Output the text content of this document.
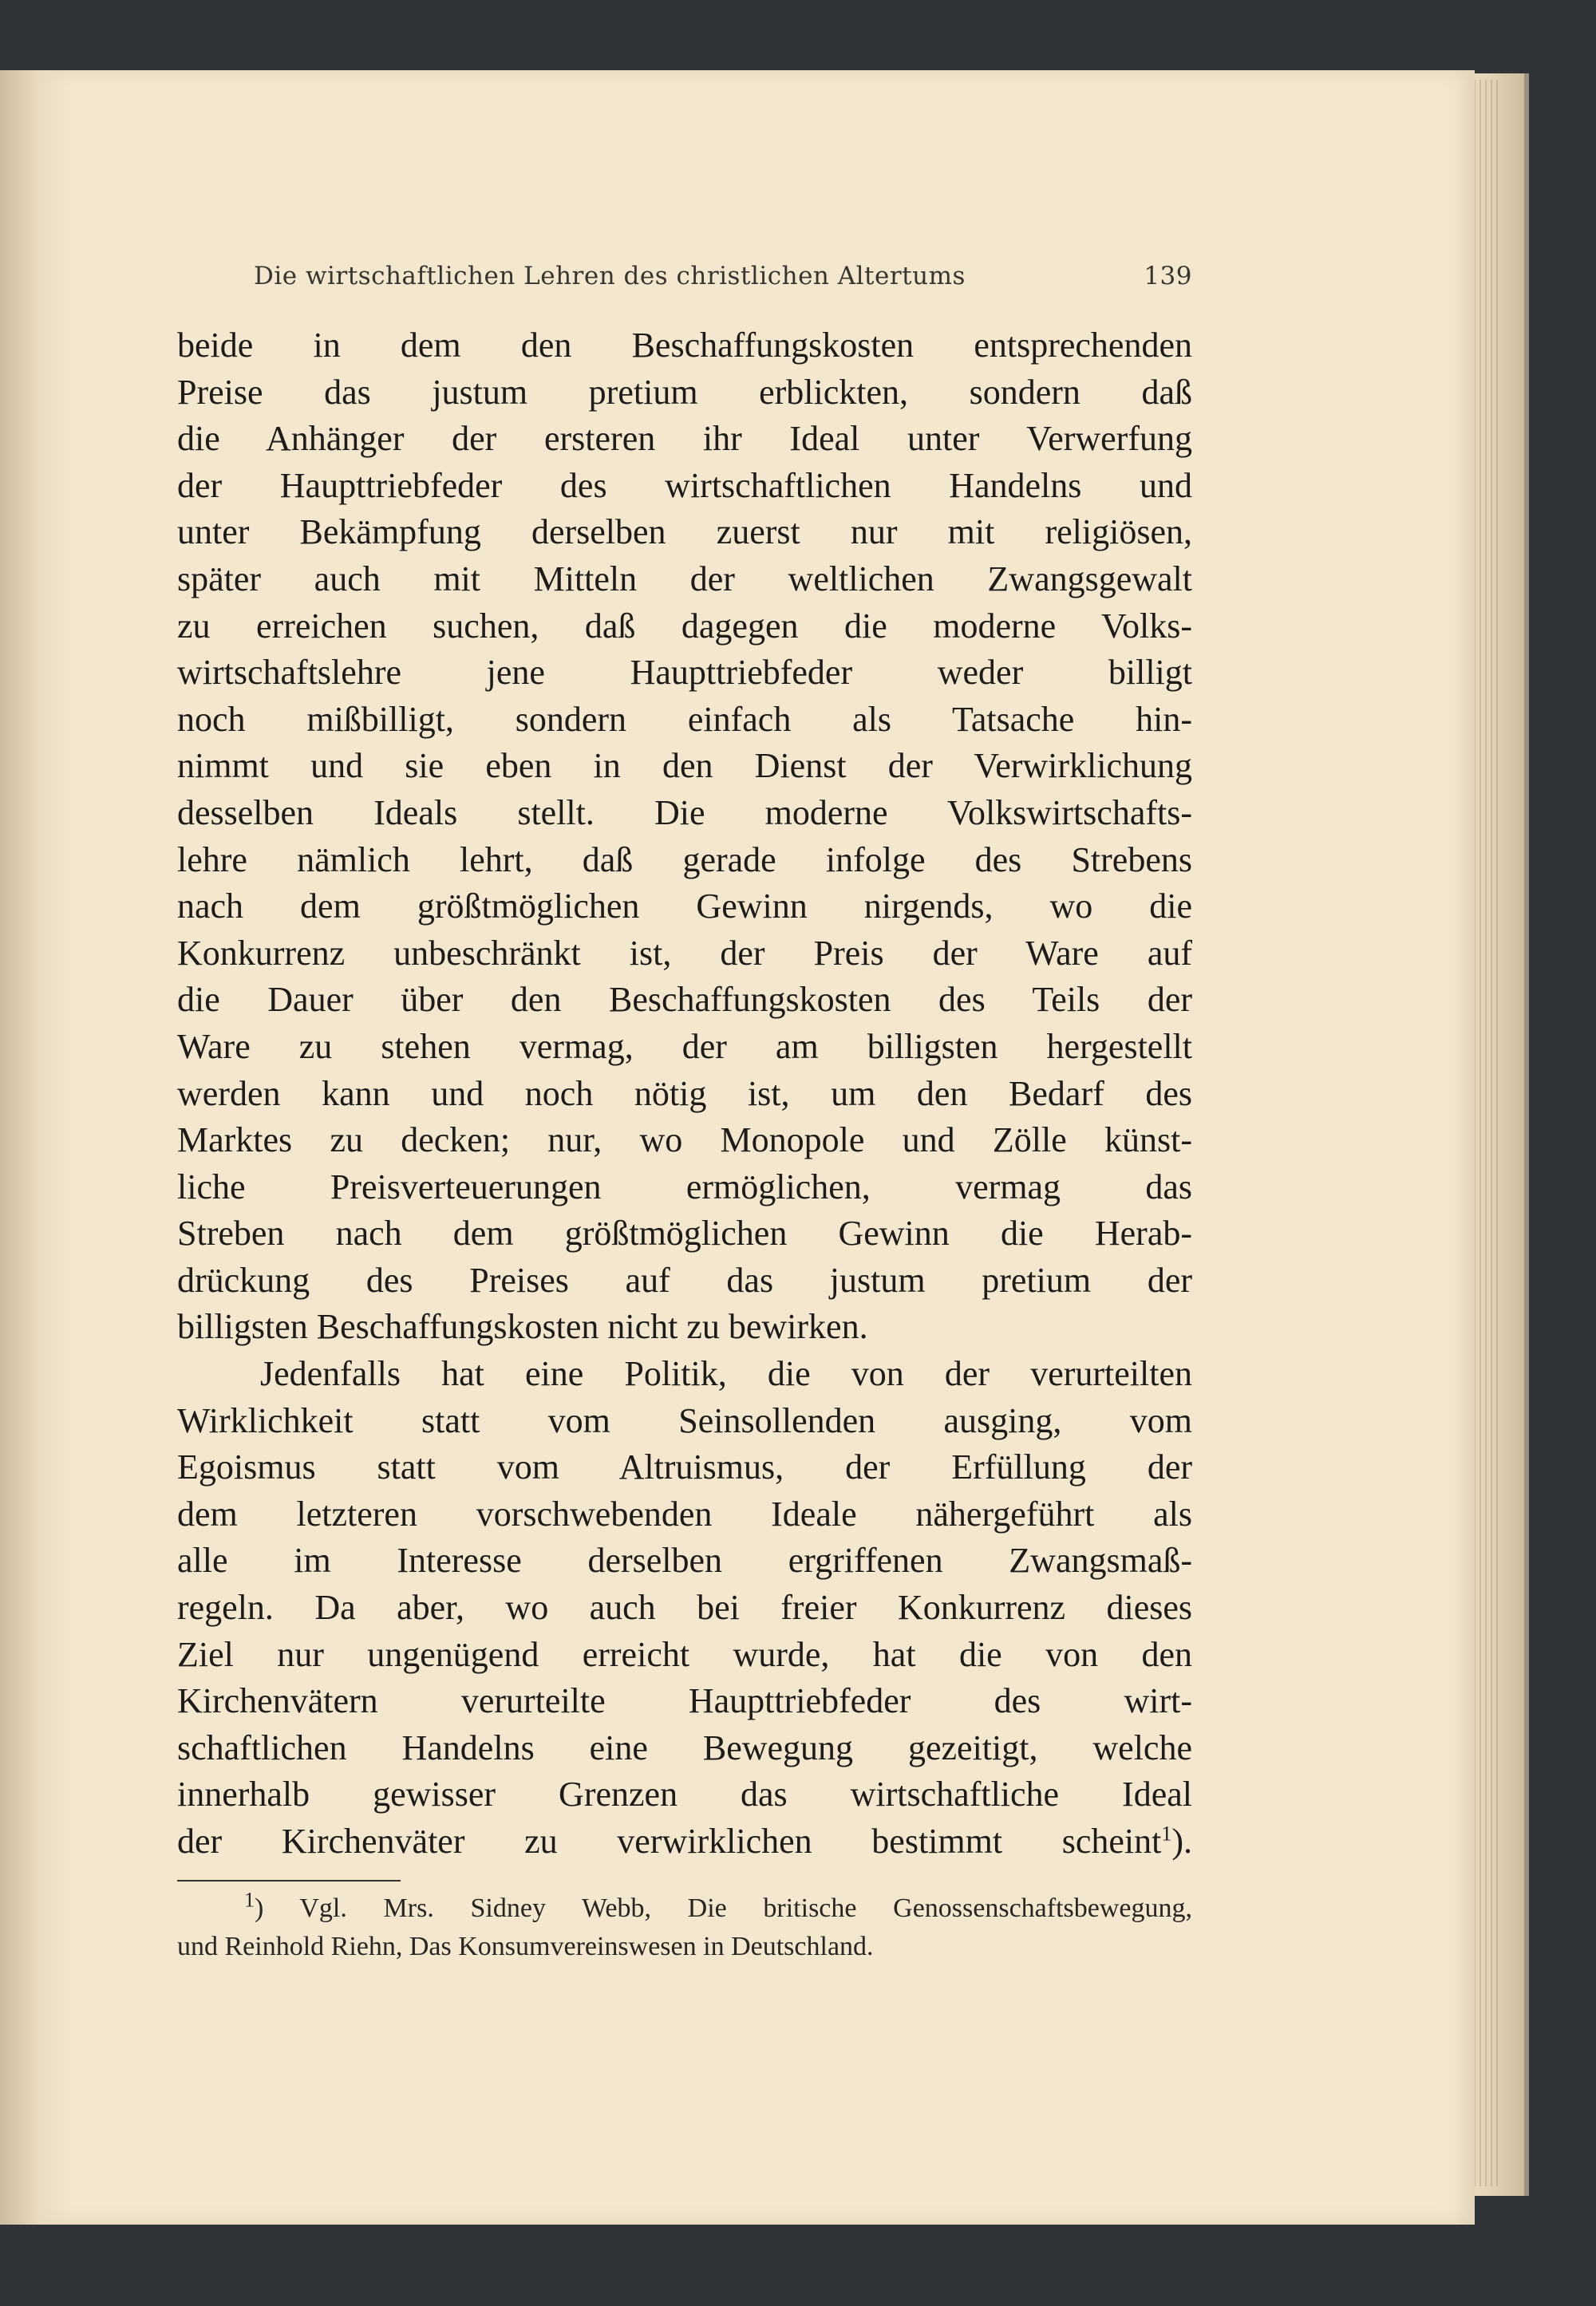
Die wirtschaftlichen Lehren des christlichen Altertums	139
beide in dem den Beschaffungskosten entsprechenden
Preise das justum pretium erblickten, sondern daß
die Anhänger der ersteren ihr Ideal unter Verwerfung
der Haupttriebfeder des wirtschaftlichen Handelns und
unter Bekämpfung derselben zuerst nur mit religiösen,
später auch mit Mitteln der weltlichen Zwangsgewalt
zu erreichen suchen, daß dagegen die moderne Volks-
wirtschaftslehre jene Haupttriebfeder weder billigt
noch mißbilligt, sondern einfach als Tatsache hin-
nimmt und sie eben in den Dienst der Verwirklichung
desselben Ideals stellt. Die moderne Volkswirtschafts-
lehre nämlich lehrt, daß gerade infolge des Strebens
nach dem größtmöglichen Gewinn nirgends, wo die
Konkurrenz unbeschränkt ist, der Preis der Ware auf
die Dauer über den Beschaffungskosten des Teils der
Ware zu stehen vermag, der am billigsten hergestellt
werden kann und noch nötig ist, um den Bedarf des
Marktes zu decken; nur, wo Monopole und Zölle künst-
liche Preisverteuerungen ermöglichen, vermag das
Streben nach dem größtmöglichen Gewinn die Herab-
drückung des Preises auf das justum pretium der
billigsten Beschaffungskosten nicht zu bewirken.
Jedenfalls hat eine Politik, die von der verurteilten
Wirklichkeit statt vom Seinsollenden ausging, vom
Egoismus statt vom Altruismus, der Erfüllung der
dem letzteren vorschwebenden Ideale nähergeführt als
alle im Interesse derselben ergriffenen Zwangsmaß-
regeln. Da aber, wo auch bei freier Konkurrenz dieses
Ziel nur ungenügend erreicht wurde, hat die von den
Kirchenvätern verurteilte Haupttriebfeder des wirt-
schaftlichen Handelns eine Bewegung gezeitigt, welche
innerhalb gewisser Grenzen das wirtschaftliche Ideal
der Kirchenväter zu verwirklichen bestimmt scheint$^1$).
$^1$) Vgl. Mrs. Sidney Webb, Die britische Genossenschaftsbewegung,
und Reinhold Riehn, Das Konsumvereinswesen in Deutschland.
